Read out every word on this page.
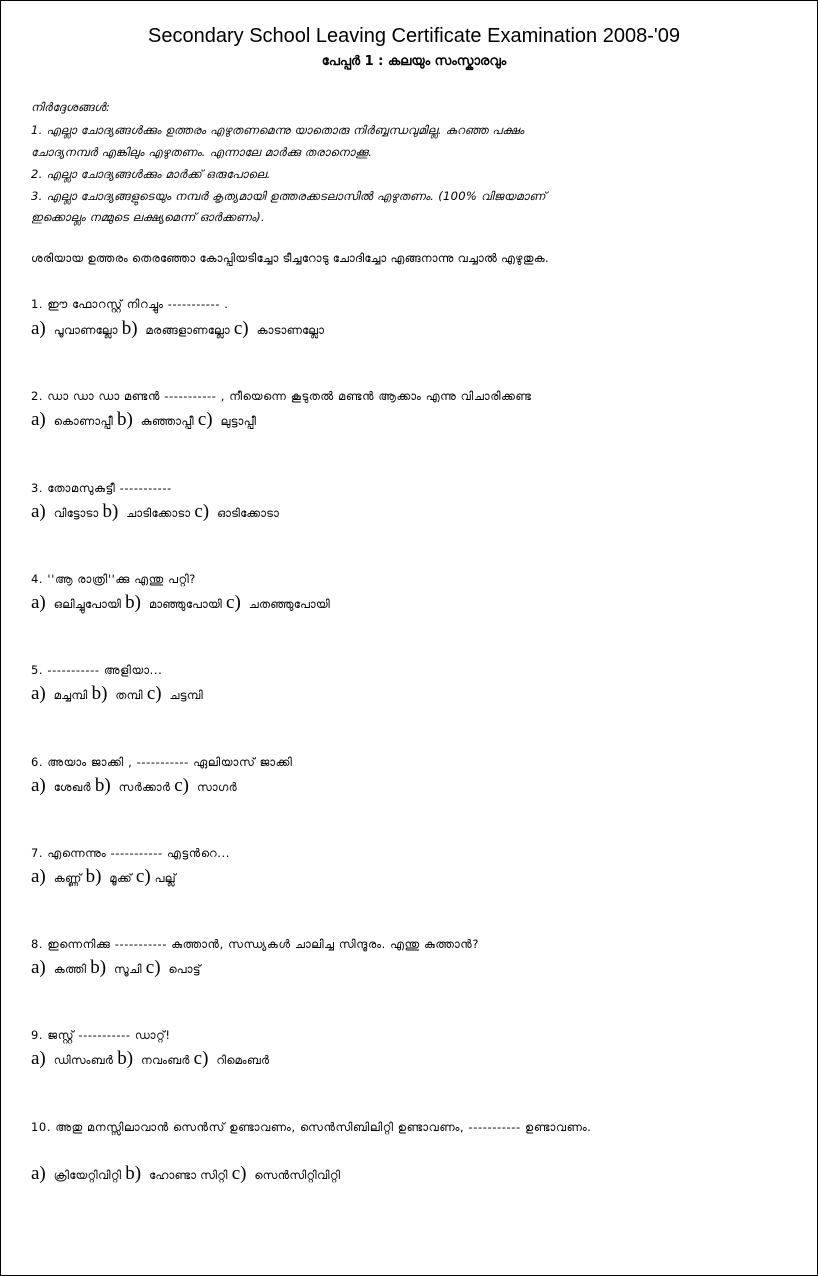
Secondary School Leaving Certificate Examination 2008-'09
പേപ്പർ 1 : കലയും സംസ്കാരവും
നിർദ്ദേശങ്ങൾ:
1. എല്ലാ ചോദ്യങ്ങൾക്കും ഉത്തരം എഴുതണമെന്നു യാതൊരു നിർബ്ബന്ധവുമില്ല. കുറഞ്ഞ പക്ഷം
ചോദ്യനമ്പർ എങ്കിലും എഴുതണം. എന്നാലേ മാർക്കു തരാനൊക്കൂ.
2. എല്ലാ ചോദ്യങ്ങൾക്കും മാർക്ക് ഒരുപോലെ.
3. എല്ലാ ചോദ്യങ്ങളുടെയും നമ്പർ കൃത്യമായി ഉത്തരക്കടലാസിൽ എഴുതണം. (100% വിജയമാണ്
ഇക്കൊല്ലം നമ്മുടെ ലക്ഷ്യമെന്ന് ഓർക്കണം).
ശരിയായ ഉത്തരം തെരഞ്ഞോ കോപ്പിയടിച്ചോ ടീച്ചറോടു ചോദിച്ചോ എങ്ങനാന്നു വച്ചാൽ എഴുതുക.
1. ഈ ഫോറസ്റ്റ് നിറച്ചും ----------- .
a) പൂവാണല്ലോ b) മരങ്ങളാണല്ലോ c) കാടാണല്ലോ
2. ഡാ ഡാ ഡാ മണ്ടൻ ----------- , നീയെന്നെ കൂടുതൽ മണ്ടൻ ആക്കാം എന്നു വിചാരിക്കണ്ട
a) കൊണാപ്പീ b) കുഞ്ഞാപ്പീ c) ലുട്ടാപ്പീ
3. തോമസുകുട്ടീ -----------
a) വിട്ടോടാ b) ചാടിക്കോടാ c) ഓടിക്കോടാ
4. ''ആ രാത്രി''ക്കു എന്തു പറ്റി?
a) ഒലിച്ചുപോയി b) മാഞ്ഞുപോയി c) ചതഞ്ഞുപോയി
5. ----------- അളിയാ...
a) മച്ചമ്പി b) തമ്പി c) ചട്ടമ്പി
6. അയാം ജാക്കി , ----------- ഏലിയാസ് ജാക്കി
a) ശേഖർ b) സർക്കാർ c) സാഗർ
7. എന്നെന്നും ----------- എട്ടൻറെ...
a) കണ്ണ് b) മൂക്ക് c) പല്ല്
8. ഇന്നെനിക്കു ----------- കുത്താൻ, സന്ധ്യകൾ ചാലിച്ച സിന്ദൂരം. എന്തു കുത്താൻ?
a) കത്തി b) സൂചി c) പൊട്ട്
9. ജസ്റ്റ് ----------- ഡാറ്റ്!
a) ഡിസംബർ b) നവംബർ c) റിമെംബർ
10. അതു മനസ്സിലാവാൻ സെൻസ് ഉണ്ടാവണം, സെൻസിബിലിറ്റി ഉണ്ടാവണം, ----------- ഉണ്ടാവണം.
a) ക്രിയേറ്റിവിറ്റി b) ഹോണ്ടാ സിറ്റി c) സെൻസിറ്റിവിറ്റി
